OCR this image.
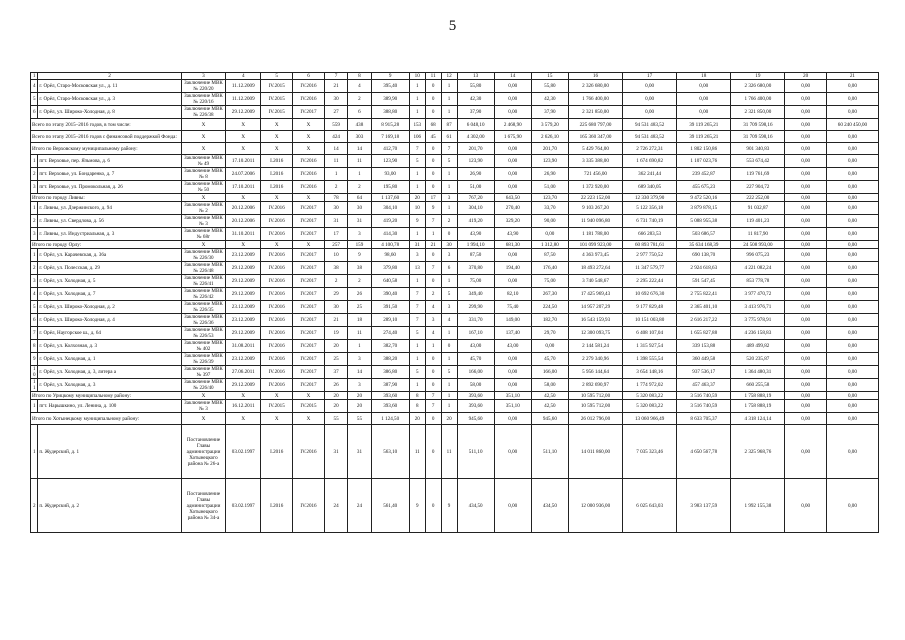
5
1	2	3	4	5	6	7	8	9	10	11	12	13	14	15	16	17	18	19	20	21
4	г. Орёл, Старо-Московская ул., д. 11	Заключение МВК № 220/20	11.12.2009	IV.2015	IV.2016	21	4	395,40	1	0	1	55,80	0,00	55,80	2 326 680,00	0,00	0,00	2 326 680,00	0,00	0,00
5	г. Орёл, Старо-Московская ул., д. 3	Заключение МВК № 220/16	11.12.2009	IV.2015	IV.2016	30	2	389,90	1	0	1	42,30	0,00	42,30	1 766 400,00	0,00	0,00	1 766 400,00	0,00	0,00
6	г. Орёл, ул. Широко-Холодная, д. 8	Заключение МВК № 226/38	29.12.2009	IV.2015	IV.2017	27	6	388,80	1	0	1	37,90	0,00	37,90	2 321 850,00	0,00	0,00	2 321 850,00	0,00	0,00
Всего по этапу 2015–2016 годов, в том числе:		X	X	X	X	559	438	8 915,28	153	68	87	6 048,10	2 468,90	3 579,20	225 680 797,00	94 531 483,52	39 119 265,21	31 709 598,16	0,00	60 240 450,00
Всего по этапу 2015–2016 годов с финансовой поддержкой Фонда:		X	X	X	X	424	303	7 169,18	106	45	61	4 302,00	1 675,90	2 626,10	165 360 347,00	94 531 483,52	39 119 265,21	31 709 598,16	0,00	0,00
Итого по Верховскому муниципальному району:		X	X	X	X	14	14	412,70	7	0	7	201,70	0,00	201,70	5 429 764,00	2 726 272,31	1 802 150,86	901 340,83	0,00	0,00
1	пгт. Верховье, пер. Язъмова, д. 6	Заключение МВК № 49	17.10.2011	I.2016	IV.2016	11	11	123,90	5	0	5	123,90	0,00	123,90	3 335 388,00	1 674 690,82	1 107 023,76	553 674,42	0,00	0,00
2	пгт. Верховье, ул. Бондаренко, д. 7	Заключение МВК № 8	24.07.2006	I.2016	IV.2016	1	1	93,00	1	0	1	26,90	0,00	26,90	721 456,00	362 241,44	239 452,87	119 761,69	0,00	0,00
3	пгт. Верховье, ул. Промокольная, д. 26	Заключение МВК № 50	17.10.2011	I.2016	IV.2016	2	2	195,80	1	0	1	51,00	0,00	51,00	1 372 920,00	689 340,05	455 675,23	227 904,72	0,00	0,00
Итого по городу Ливны:		X	X	X	X	78	64	1 137,60	20	17	3	767,20	643,50	123,70	22 223 152,00	12 330 379,90	9 472 520,16	222 252,00	0,00	0,00
1	г. Ливны, ул. Дзержинского, д. 94	Заключение МВК № 2	20.12.2006	IV.2016	IV.2017	30	30	304,10	10	9	1	304,10	270,40	33,70	9 103 267,20	5 122 356,18	3 879 878,15	91 032,87	0,00	0,00
2	г. Ливны, ул. Свердлова, д. 56	Заключение МВК № 3	20.12.2006	IV.2016	IV.2017	31	31	419,20	9	7	2	419,20	329,20	90,00	11 940 096,80	6 731 740,19	5 088 955,38	119 401,23	0,00	0,00
3	г. Ливны, ул. Индустриальная, д. 3	Заключение МВК № 68г	31.10.2011	IV.2016	IV.2017	17	3	414,30	1	1	0	43,90	43,90	0,00	1 181 788,00	666 283,53	503 686,57	11 817,90	0,00	0,00
Итого по городу Орлу:		X	X	X	X	257	159	4 100,78	31	21	30	1 994,10	681,30	1 312,80	101 099 923,00	60 893 781,61	35 634 168,39	24 508 993,00	0,00	0,00
1	г. Орёл, ул. Карачевская, д. 36а	Заключение МВК № 226/30	23.12.2009	IV.2016	IV.2017	10	9	98,60	3	0	3	87,50	0,00	87,50	4 363 973,45	2 977 750,52	690 138,70	996 075,23	0,00	0,00
2	г. Орёл, ул. Полесская, д. 29	Заключение МВК № 226/48	29.12.2009	IV.2016	IV.2017	38	38	379,80	13	7	6	370,80	194,40	176,40	18 493 272,64	11 347 579,77	2 924 618,63	4 221 082,24	0,00	0,00
3	г. Орёл, ул. Холодная, д. 5	Заключение МВК № 226/41	29.12.2009	IV.2016	IV.2017	2	2	640,58	1	0	1	75,00	0,00	75,00	3 740 548,67	2 295 222,44	591 547,45	853 778,78	0,00	0,00
4	г. Орёл, ул. Холодная, д. 7	Заключение МВК № 226/42	29.12.2009	IV.2016	IV.2017	29	26	390,40	7	2	5	349,40	82,10	267,30	17 425 969,43	10 692 676,30	2 755 822,41	3 977 470,72	0,00	0,00
5	г. Орёл, ул. Широко-Холодная, д. 2	Заключение МВК № 226/35	23.12.2009	IV.2016	IV.2017	30	25	391,50	7	4	3	299,90	75,40	224,50	14 957 207,29	9 177 829,48	2 365 401,10	3 413 976,71	0,00	0,00
6	г. Орёл, ул. Широко-Холодная, д. 4	Заключение МВК № 226/36	23.12.2009	IV.2016	IV.2017	21	18	289,10	7	3	4	331,70	149,00	182,70	16 543 159,93	10 151 003,80	2 616 217,22	3 775 978,91	0,00	0,00
7	г. Орёл, Наугорское ш., д. 64	Заключение МВК № 226/53	29.12.2009	IV.2016	IV.2017	19	11	274,40	5	4	1	167,10	137,40	29,70	12 300 093,75	6 408 107,04	1 655 827,88	4 236 158,83	0,00	0,00
8	г. Орёл, ул. Колхозная, д. 3	Заключение МВК № 402	31.08.2011	IV.2016	IV.2017	20	1	382,70	1	1	0	43,00	43,00	0,00	2 144 581,24	1 315 927,54	339 153,88	489 499,82	0,00	0,00
9	г. Орёл, ул. Холодная, д. 1	Заключение МВК № 226/39	23.12.2009	IV.2016	IV.2017	25	3	388,20	1	0	1	45,70	0,00	45,70	2 279 340,96	1 398 555,54	360 449,58	520 235,87	0,00	0,00
10	г. Орёл, ул. Холодная, д. 3, литера а	Заключение МВК № 397	27.06.2011	IV.2016	IV.2017	37	14	386,80	5	0	5	166,00	0,00	166,00	5 956 144,64	3 654 148,16	937 536,17	1 364 480,31	0,00	0,00
11	г. Орёл, ул. Холодная, д. 3	Заключение МВК № 226/40	29.12.2009	IV.2016	IV.2017	26	3	387,90	1	0	1	58,00	0,00	58,00	2 892 690,97	1 774 972,02	457 463,37	660 255,58	0,00	0,00
Итого по Урицкому муниципальному району:		X	X	X	X	20	20	393,60	8	7	1	393,60	351,10	42,50	10 595 712,00	5 320 083,22	3 516 740,59	1 758 888,19	0,00	0,00
1	пгт. Нарышкино, ул. Ленина, д. 100	Заключение МВК № 3	16.12.2011	IV.2015	IV.2015	20	20	393,60	8	7	1	393,60	351,10	42,50	10 595 712,00	5 320 083,22	3 516 740,59	1 758 888,19	0,00	0,00
Итого по Хотынецкому муниципальному району:		X	X	X	X	55	55	1 124,50	20	0	20	945,60	0,00	945,60	26 012 796,00	13 060 966,49	8 633 705,37	4 318 124,14	0,00	0,00
1	п. Жудерский, д. 1	Постановление Главы администрации Хотынецкого района № 26-а	03.02.1997	I.2016	IV.2016	31	31	563,10	11	0	11	511,10	0,00	511,10	14 011 860,00	7 035 323,46	4 650 567,78	2 325 968,76	0,00	0,00
2	п. Жудерский, д. 2	Постановление Главы администрации Хотынецкого района № 34-а	03.02.1997	I.2016	IV.2016	24	24	561,40	9	0	9	434,50	0,00	434,50	12 000 936,00	6 025 643,03	3 983 137,59	1 992 155,38	0,00	0,00
